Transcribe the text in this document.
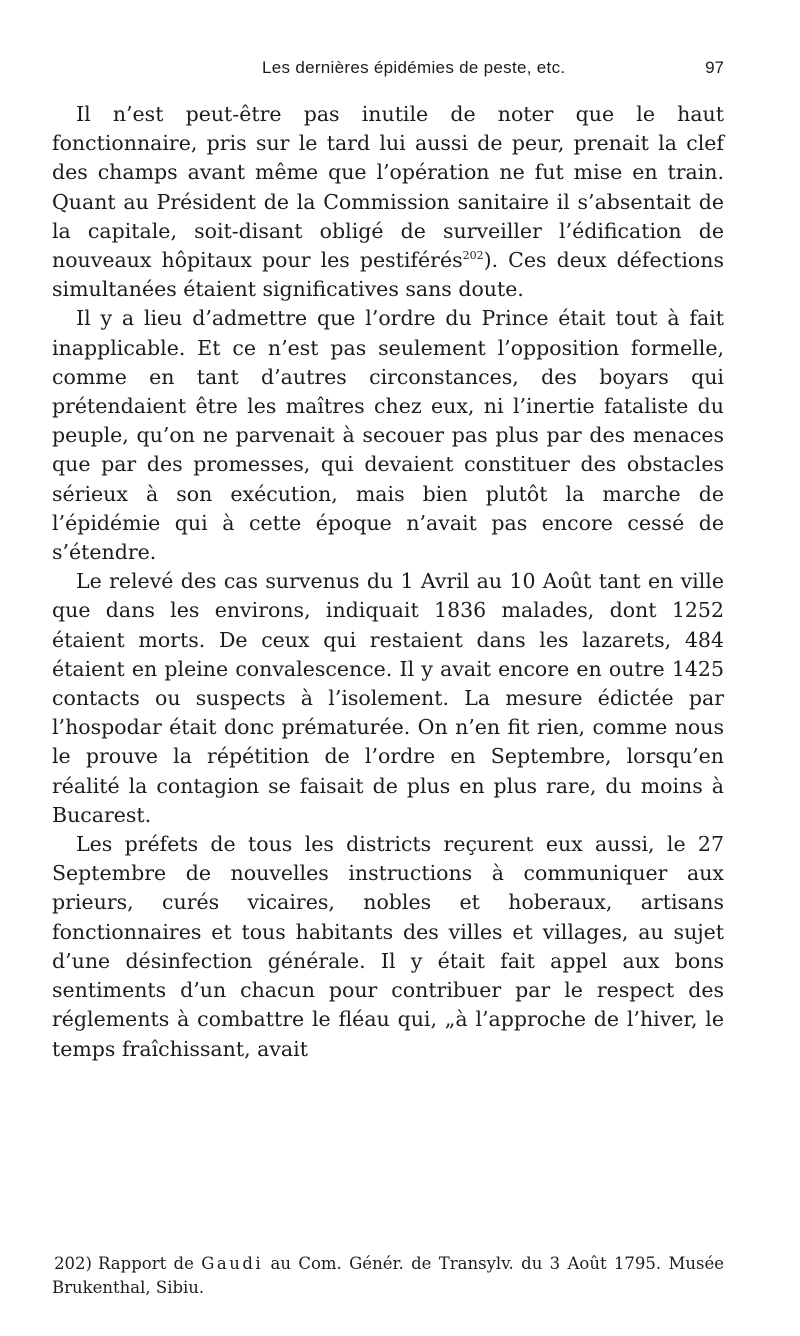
Les dernières épidémies de peste, etc.	97

Il n’est peut-être pas inutile de noter que le haut fonctionnaire, pris sur le tard lui aussi de peur, prenait la clef des champs avant même que l’opération ne fut mise en train. Quant au Président de la Commission sanitaire il s’absentait de la capitale, soit-disant obligé de surveiller l’édification de nouveaux hôpitaux pour les pestiférés$^{202}$). Ces deux défections simultanées étaient significatives sans doute.

Il y a lieu d’admettre que l’ordre du Prince était tout à fait inapplicable. Et ce n’est pas seulement l’opposition formelle, comme en tant d’autres circonstances, des boyars qui prétendaient être les maîtres chez eux, ni l’inertie fataliste du peuple, qu’on ne parvenait à secouer pas plus par des menaces que par des promesses, qui devaient constituer des obstacles sérieux à son exécution, mais bien plutôt la marche de l’épidémie qui à cette époque n’avait pas encore cessé de s’étendre.

Le relevé des cas survenus du 1 Avril au 10 Août tant en ville que dans les environs, indiquait 1836 malades, dont 1252 étaient morts. De ceux qui restaient dans les lazarets, 484 étaient en pleine convalescence. Il y avait encore en outre 1425 contacts ou suspects à l’isolement. La mesure édictée par l’hospodar était donc prématurée. On n’en fit rien, comme nous le prouve la répétition de l’ordre en Septembre, lorsqu’en réalité la contagion se faisait de plus en plus rare, du moins à Bucarest.

Les préfets de tous les districts reçurent eux aussi, le 27 Septembre de nouvelles instructions à communiquer aux prieurs, curés vicaires, nobles et hoberaux, artisans fonctionnaires et tous habitants des villes et villages, au sujet d’une désinfection générale. Il y était fait appel aux bons sentiments d’un chacun pour contribuer par le respect des réglements à combattre le fléau qui, „à l’approche de l’hiver, le temps fraîchissant, avait

202) Rapport de Gaudi au Com. Génér. de Transylv. du 3 Août 1795. Musée Brukenthal, Sibiu.
